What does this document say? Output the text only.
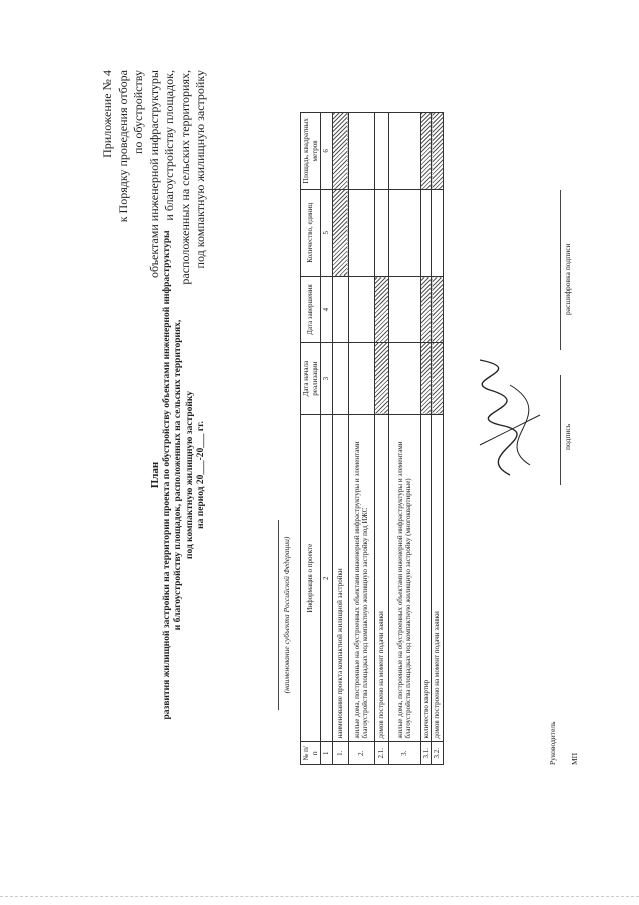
Приложение № 4 к Порядку проведения отбора по обустройству объектами инженерной инфраструктуры и благоустройству площадок, расположенных на сельских территориях, под компактную жилищную застройку
План развития жилищной застройки на территории проекта по обустройству объектами инженерной инфраструктуры и благоустройству площадок, расположенных на сельских территориях, под компактную жилищную застройку на период 20___-20___ гг.
(наименование субъекта Российской Федерации)
№ п/п	Информация о проекте	Дата начала реализации	Дата завершения	Количество, единиц	Площадь, квадратных метров
1	2	3	4	5	6
1.	наименование проекта компактной жилищной застройки				
2.	жилые дома, построенные на обустроенных объектами инженерной инфраструктуры и элементами благоустройства площадках под компактную жилищную застройку под ИЖС				
2.1.	домов построено на момент подачи заявки				
3.	жилые дома, построенные на обустроенных объектами инженерной инфраструктуры и элементами благоустройства площадках под компактную жилищную застройку (многоквартирные)				
3.1.	количество квартир				
3.2.	домов построено на момент подачи заявки				
Руководитель МП
подпись
расшифровка подписи
